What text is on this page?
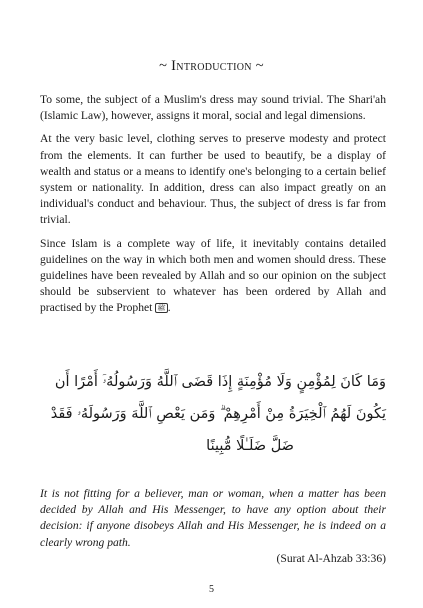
~ Introduction ~

To some, the subject of a Muslim's dress may sound trivial. The Shari'ah (Islamic Law), however, assigns it moral, social and legal dimensions.

At the very basic level, clothing serves to preserve modesty and protect from the elements. It can further be used to beautify, be a display of wealth and status or a means to identify one's belonging to a certain belief system or nationality. In addition, dress can also impact greatly on an individual's conduct and behaviour. Thus, the subject of dress is far from trivial.

Since Islam is a complete way of life, it inevitably contains detailed guidelines on the way in which both men and women should dress. These guidelines have been revealed by Allah and so our opinion on the subject should be subservient to whatever has been ordered by Allah and practised by the Prophet ﷺ .

وَمَا كَانَ لِمُؤْمِنٍ وَلَا مُؤْمِنَةٍ إِذَا قَضَى ٱللَّهُ وَرَسُولُهُۥٓ أَمْرًا أَن
يَكُونَ لَهُمُ ٱلْخِيَرَةُ مِنْ أَمْرِهِمْ ۗ وَمَن يَعْصِ ٱللَّهَ وَرَسُولَهُۥ فَقَدْ
ضَلَّ ضَلَـٰلًا مُّبِينًا
It is not fitting for a believer, man or woman, when a matter has been decided by Allah and His Messenger, to have any option about their decision: if anyone disobeys Allah and His Messenger, he is indeed on a clearly wrong path.
(Surat Al-Ahzab 33:36)
5
